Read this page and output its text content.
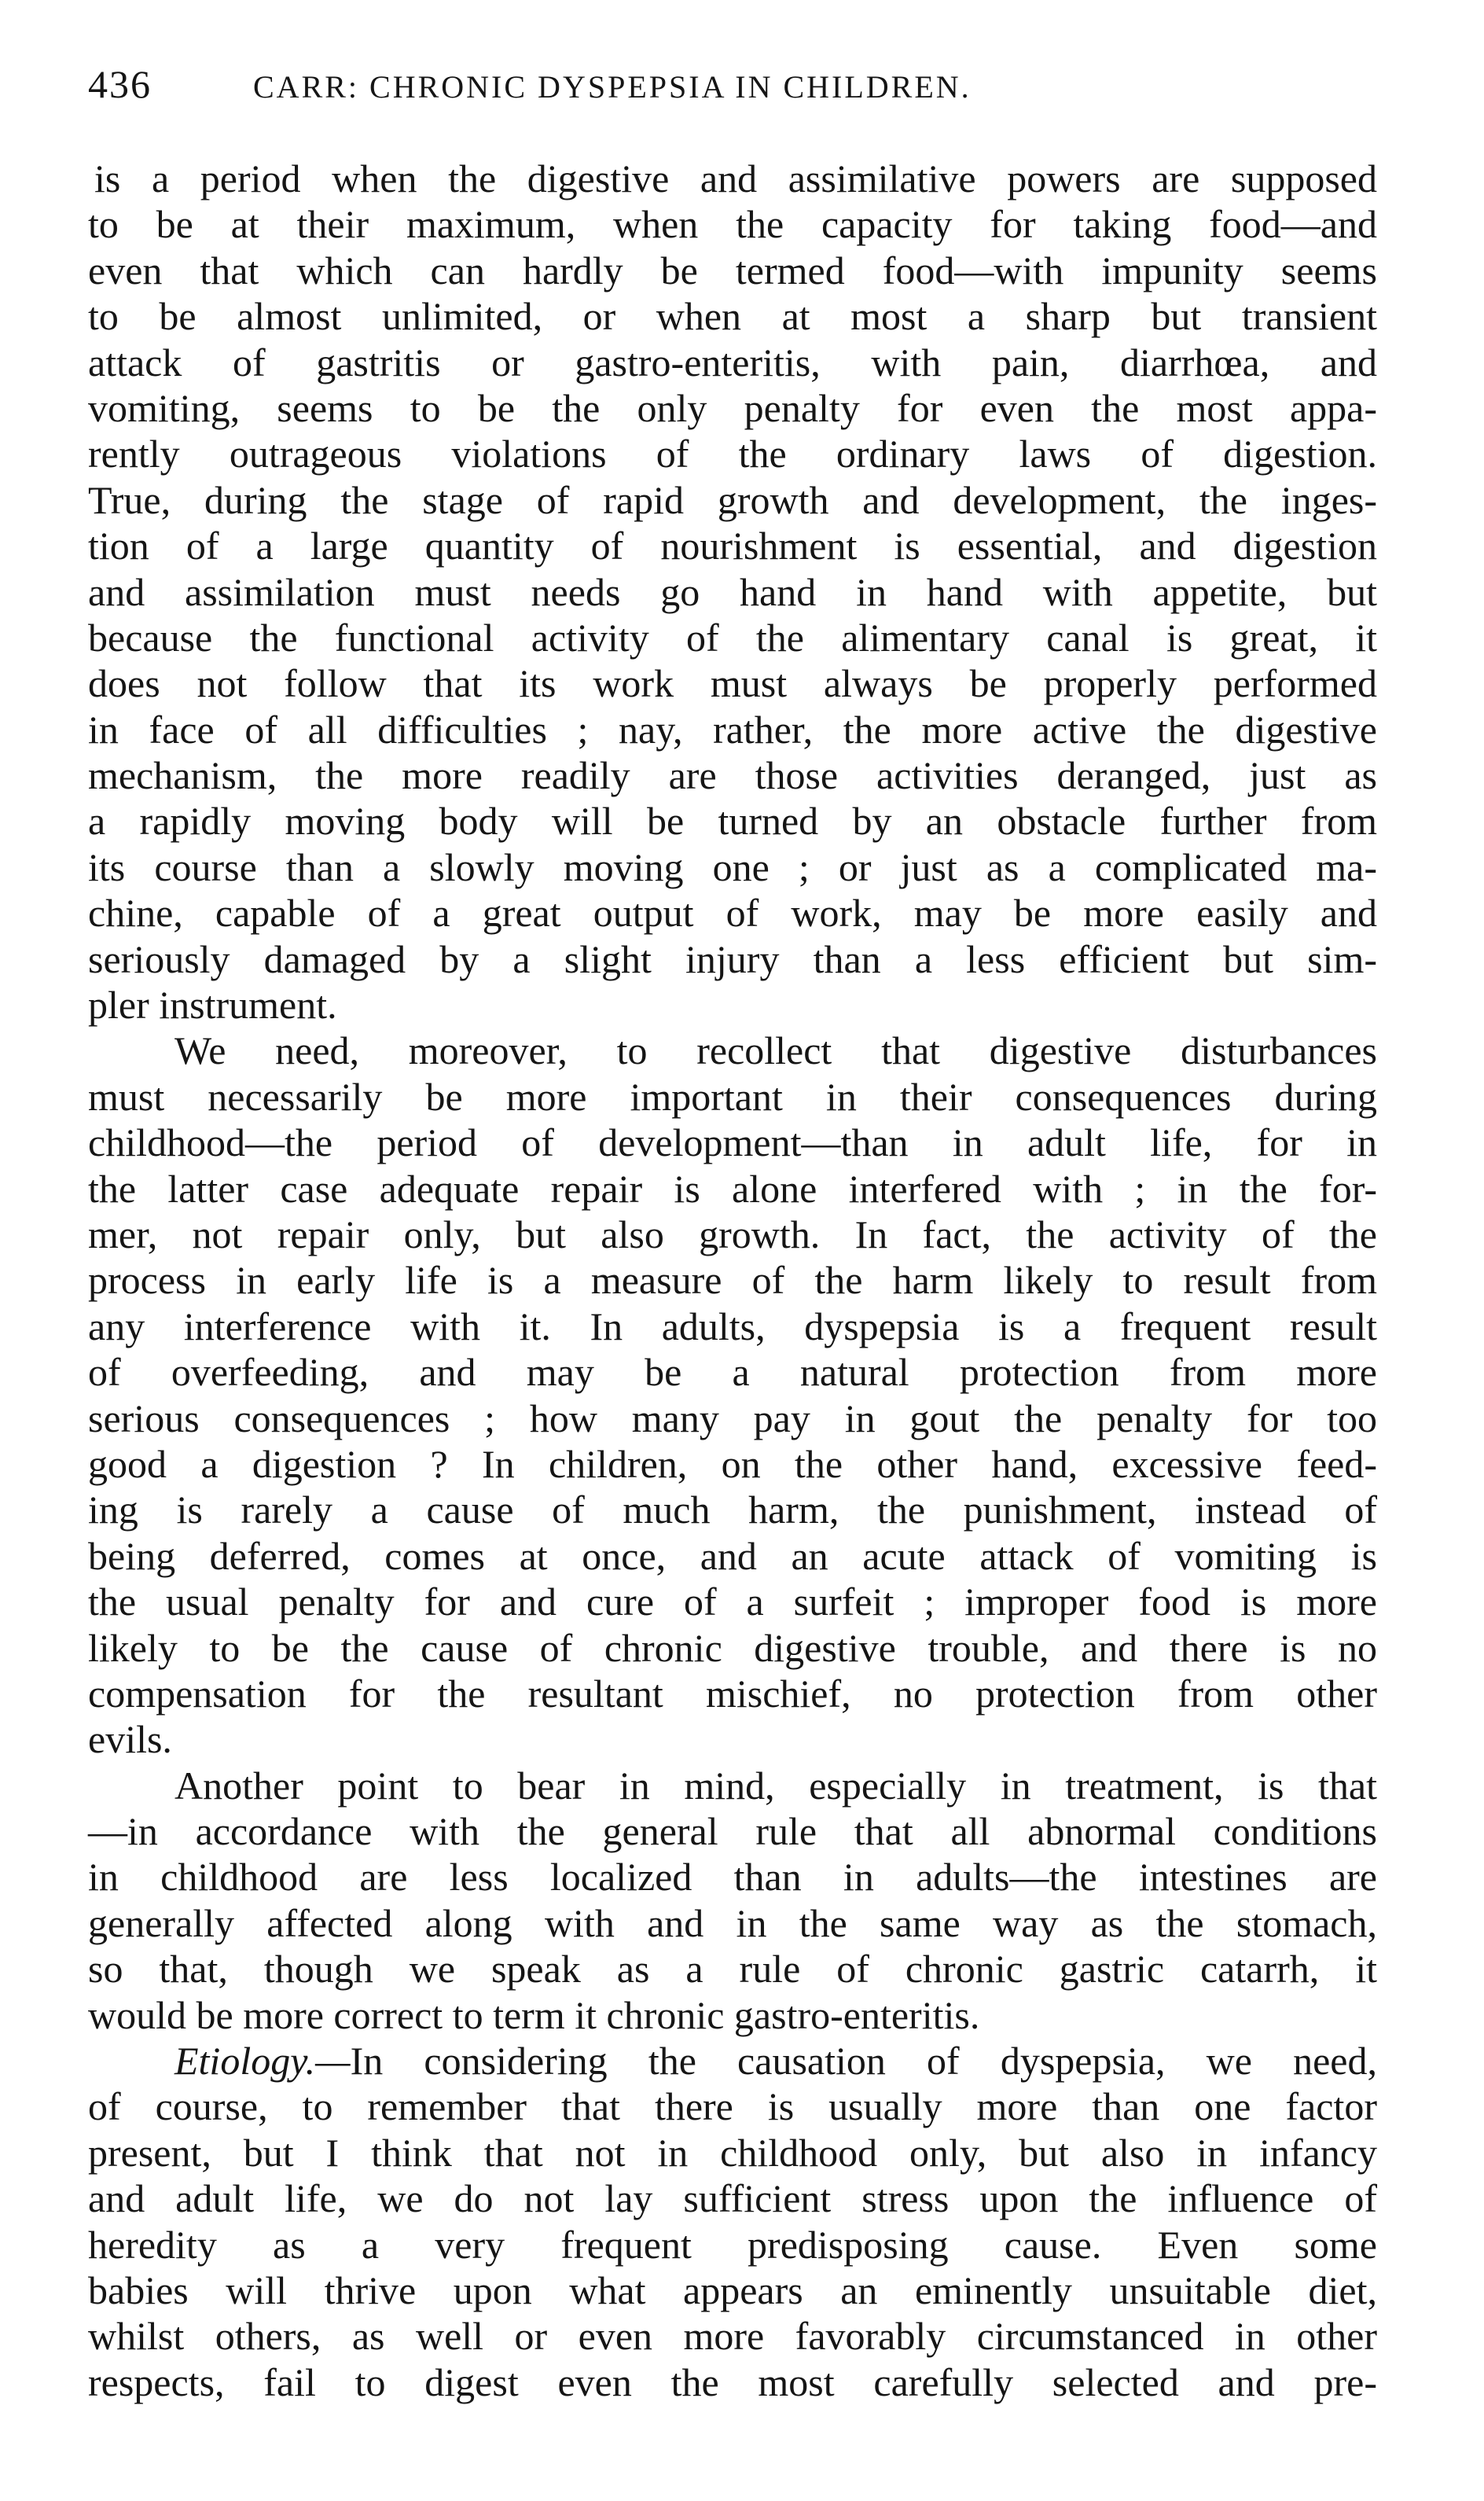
436	CARR: CHRONIC DYSPEPSIA IN CHILDREN.
is a period when the digestive and assimilative powers are supposed
to be at their maximum, when the capacity for taking food—and
even that which can hardly be termed food—with impunity seems
to be almost unlimited, or when at most a sharp but transient
attack of gastritis or gastro-enteritis, with pain, diarrhœa, and
vomiting, seems to be the only penalty for even the most appa-
rently outrageous violations of the ordinary laws of digestion.
True, during the stage of rapid growth and development, the inges-
tion of a large quantity of nourishment is essential, and digestion
and assimilation must needs go hand in hand with appetite, but
because the functional activity of the alimentary canal is great, it
does not follow that its work must always be properly performed
in face of all difficulties ; nay, rather, the more active the digestive
mechanism, the more readily are those activities deranged, just as
a rapidly moving body will be turned by an obstacle further from
its course than a slowly moving one ; or just as a complicated ma-
chine, capable of a great output of work, may be more easily and
seriously damaged by a slight injury than a less efficient but sim-
pler instrument.
We need, moreover, to recollect that digestive disturbances
must necessarily be more important in their consequences during
childhood—the period of development—than in adult life, for in
the latter case adequate repair is alone interfered with ; in the for-
mer, not repair only, but also growth. In fact, the activity of the
process in early life is a measure of the harm likely to result from
any interference with it. In adults, dyspepsia is a frequent result
of overfeeding, and may be a natural protection from more
serious consequences ; how many pay in gout the penalty for too
good a digestion ? In children, on the other hand, excessive feed-
ing is rarely a cause of much harm, the punishment, instead of
being deferred, comes at once, and an acute attack of vomiting is
the usual penalty for and cure of a surfeit ; improper food is more
likely to be the cause of chronic digestive trouble, and there is no
compensation for the resultant mischief, no protection from other
evils.
Another point to bear in mind, especially in treatment, is that
—in accordance with the general rule that all abnormal conditions
in childhood are less localized than in adults—the intestines are
generally affected along with and in the same way as the stomach,
so that, though we speak as a rule of chronic gastric catarrh, it
would be more correct to term it chronic gastro-enteritis.
Etiology.—In considering the causation of dyspepsia, we need,
of course, to remember that there is usually more than one factor
present, but I think that not in childhood only, but also in infancy
and adult life, we do not lay sufficient stress upon the influence of
heredity as a very frequent predisposing cause. Even some
babies will thrive upon what appears an eminently unsuitable diet,
whilst others, as well or even more favorably circumstanced in other
respects, fail to digest even the most carefully selected and pre-
